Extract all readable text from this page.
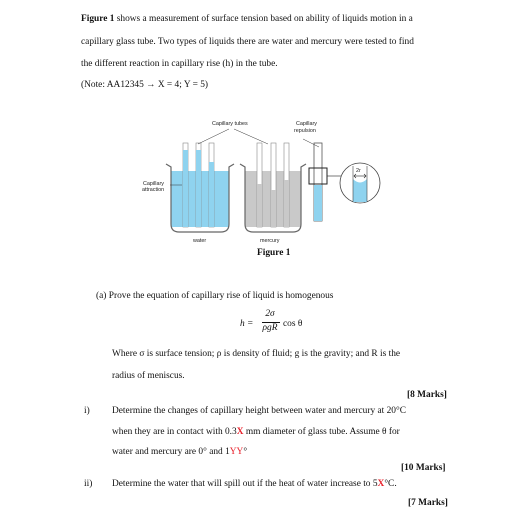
Figure 1 shows a measurement of surface tension based on ability of liquids motion in a
capillary glass tube. Two types of liquids there are water and mercury were tested to find
the different reaction in capillary rise (h) in the tube.
(Note: AA12345 → X = 4; Y = 5)
Capillary tubes	Capillary
repulsion
Capillary
attraction
water	mercury
2r
Figure 1
(a) Prove the equation of capillary rise of liquid is homogenous
h =
2σ
ρgR cos θ
Where σ is surface tension; ρ is density of fluid; g is the gravity; and R is the
radius of meniscus.
[8 Marks]
i) Determine the changes of capillary height between water and mercury at 20°C
when they are in contact with 0.3X mm diameter of glass tube. Assume θ for
water and mercury are 0° and 1YY°
[10 Marks]
ii) Determine the water that will spill out if the heat of water increase to 5X°C.
[7 Marks]
